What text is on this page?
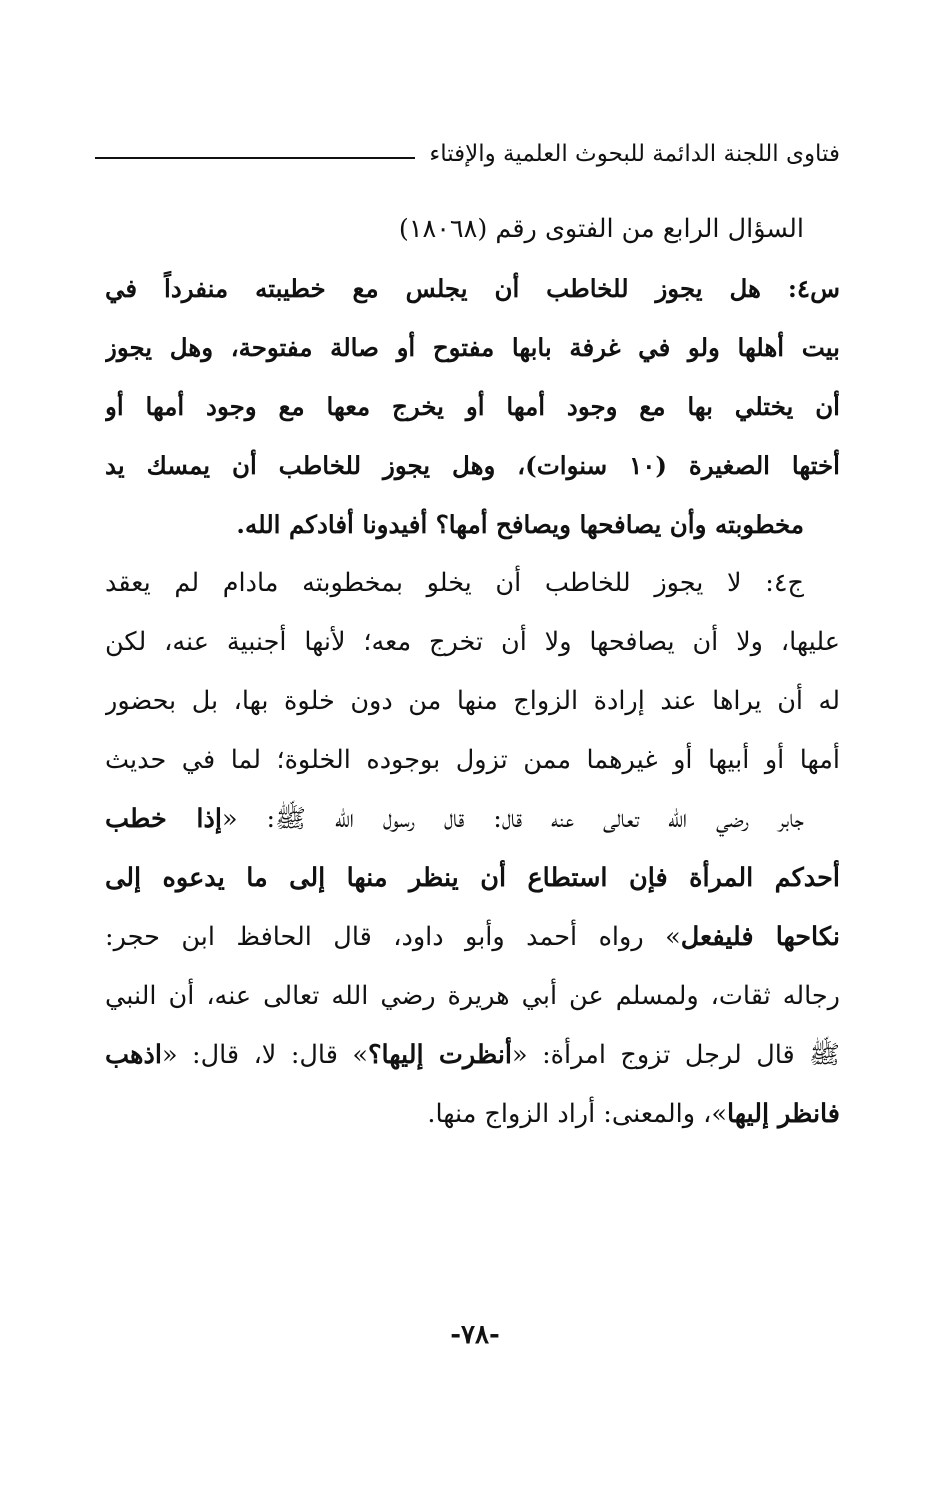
فتاوى اللجنة الدائمة للبحوث العلمية والإفتاء
السؤال الرابع من الفتوى رقم (١٨٠٦٨)
س٤: هل يجوز للخاطب أن يجلس مع خطيبته منفرداً في
بيت أهلها ولو في غرفة بابها مفتوح أو صالة مفتوحة، وهل يجوز
أن يختلي بها مع وجود أمها أو يخرج معها مع وجود أمها أو
أختها الصغيرة (١٠ سنوات)، وهل يجوز للخاطب أن يمسك يد
مخطوبته وأن يصافحها ويصافح أمها؟ أفيدونا أفادكم الله.
ج٤: لا يجوز للخاطب أن يخلو بمخطوبته مادام لم يعقد
عليها، ولا أن يصافحها ولا أن تخرج معه؛ لأنها أجنبية عنه، لكن
له أن يراها عند إرادة الزواج منها من دون خلوة بها، بل بحضور
أمها أو أبيها أو غيرهما ممن تزول بوجوده الخلوة؛ لما في حديث
جابر رضي الله تعالى عنه قال: قال رسول الله ﷺ: «إذا خطب
أحدكم المرأة فإن استطاع أن ينظر منها إلى ما يدعوه إلى
نكاحها فليفعل» رواه أحمد وأبو داود، قال الحافظ ابن حجر:
رجاله ثقات، ولمسلم عن أبي هريرة رضي الله تعالى عنه، أن النبي
ﷺ قال لرجل تزوج امرأة: «أنظرت إليها؟» قال: لا، قال: «اذهب
فانظر إليها»، والمعنى: أراد الزواج منها.
-٧٨-
